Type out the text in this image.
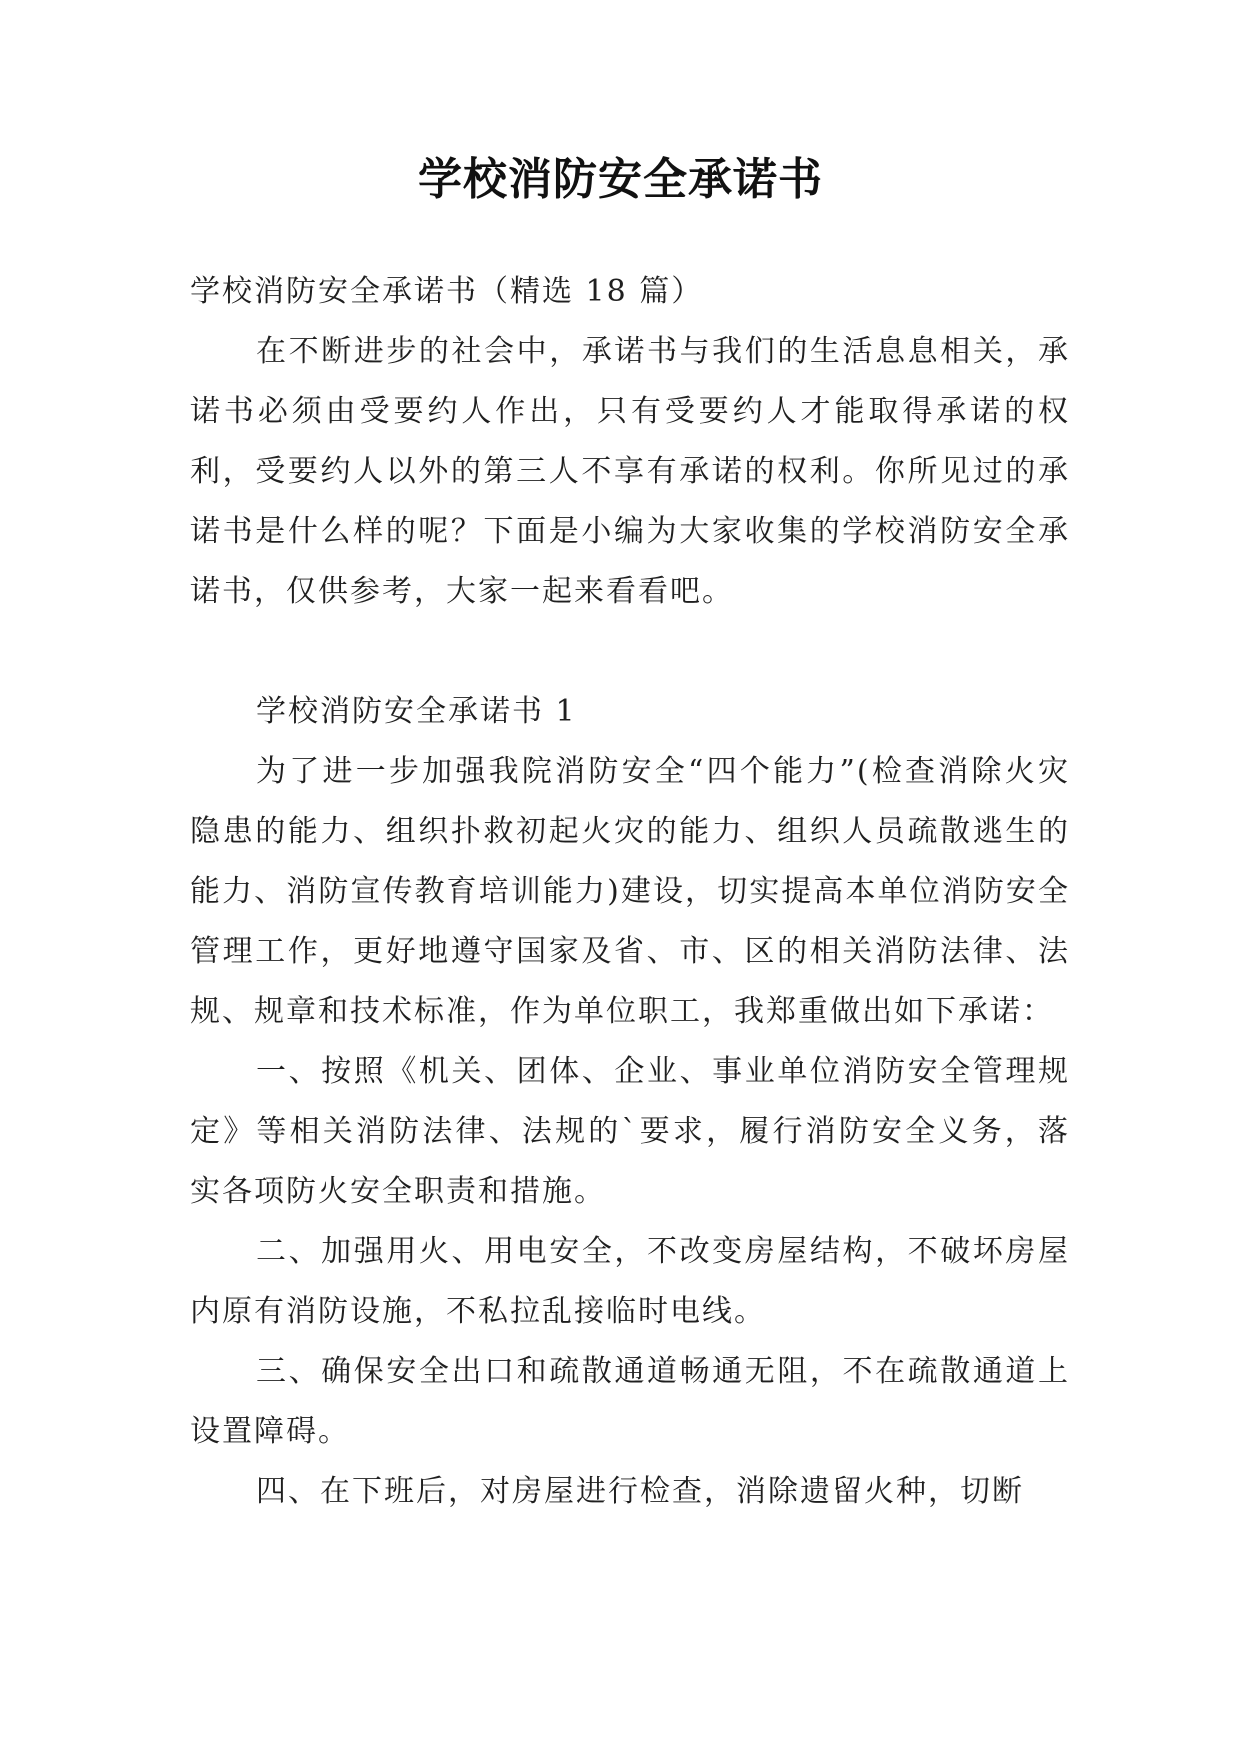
学校消防安全承诺书

学校消防安全承诺书（精选 18 篇）

在不断进步的社会中，承诺书与我们的生活息息相关，承诺书必须由受要约人作出，只有受要约人才能取得承诺的权利，受要约人以外的第三人不享有承诺的权利。你所见过的承诺书是什么样的呢？下面是小编为大家收集的学校消防安全承诺书，仅供参考，大家一起来看看吧。

学校消防安全承诺书 1

为了进一步加强我院消防安全“四个能力”(检查消除火灾隐患的能力、组织扑救初起火灾的能力、组织人员疏散逃生的能力、消防宣传教育培训能力)建设，切实提高本单位消防安全管理工作，更好地遵守国家及省、市、区的相关消防法律、法规、规章和技术标准，作为单位职工，我郑重做出如下承诺：

一、按照《机关、团体、企业、事业单位消防安全管理规定》等相关消防法律、法规的`要求，履行消防安全义务，落实各项防火安全职责和措施。

二、加强用火、用电安全，不改变房屋结构，不破坏房屋内原有消防设施，不私拉乱接临时电线。

三、确保安全出口和疏散通道畅通无阻，不在疏散通道上设置障碍。

四、在下班后，对房屋进行检查，消除遗留火种，切断
